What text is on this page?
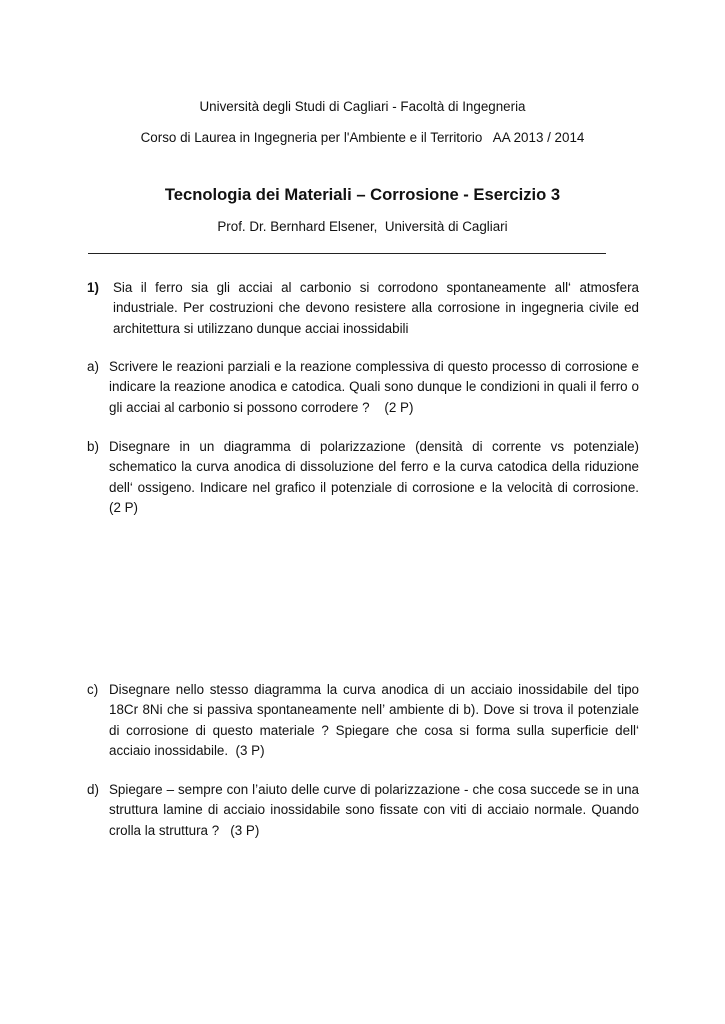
Università degli Studi di Cagliari - Facoltà di Ingegneria
Corso di Laurea in Ingegneria per l'Ambiente e il Territorio   AA 2013 / 2014
Tecnologia dei Materiali – Corrosione - Esercizio 3
Prof. Dr. Bernhard Elsener,  Università di Cagliari
1) Sia il ferro sia gli acciai al carbonio si corrodono spontaneamente all‘ atmosfera industriale. Per costruzioni che devono resistere alla corrosione in ingegneria civile ed architettura si utilizzano dunque acciai inossidabili
a) Scrivere le reazioni parziali e la reazione complessiva di questo processo di corrosione e indicare la reazione anodica e catodica. Quali sono dunque le condizioni in quali il ferro o gli acciai al carbonio si possono corrodere ?    (2 P)
b) Disegnare in un diagramma di polarizzazione (densità di corrente vs potenziale) schematico la curva anodica di dissoluzione del ferro e la curva catodica della riduzione dell‘ ossigeno. Indicare nel grafico il potenziale di corrosione e la velocità di corrosione.  (2 P)
c) Disegnare nello stesso diagramma la curva anodica di un acciaio inossidabile del tipo 18Cr 8Ni che si passiva spontaneamente nell’ ambiente di b). Dove si trova il potenziale di corrosione di questo materiale ? Spiegare che cosa si forma sulla superficie dell‘ acciaio inossidabile.  (3 P)
d) Spiegare – sempre con l’aiuto delle curve di polarizzazione - che cosa succede se in una struttura lamine di acciaio inossidabile sono fissate con viti di acciaio normale. Quando crolla la struttura ?   (3 P)
